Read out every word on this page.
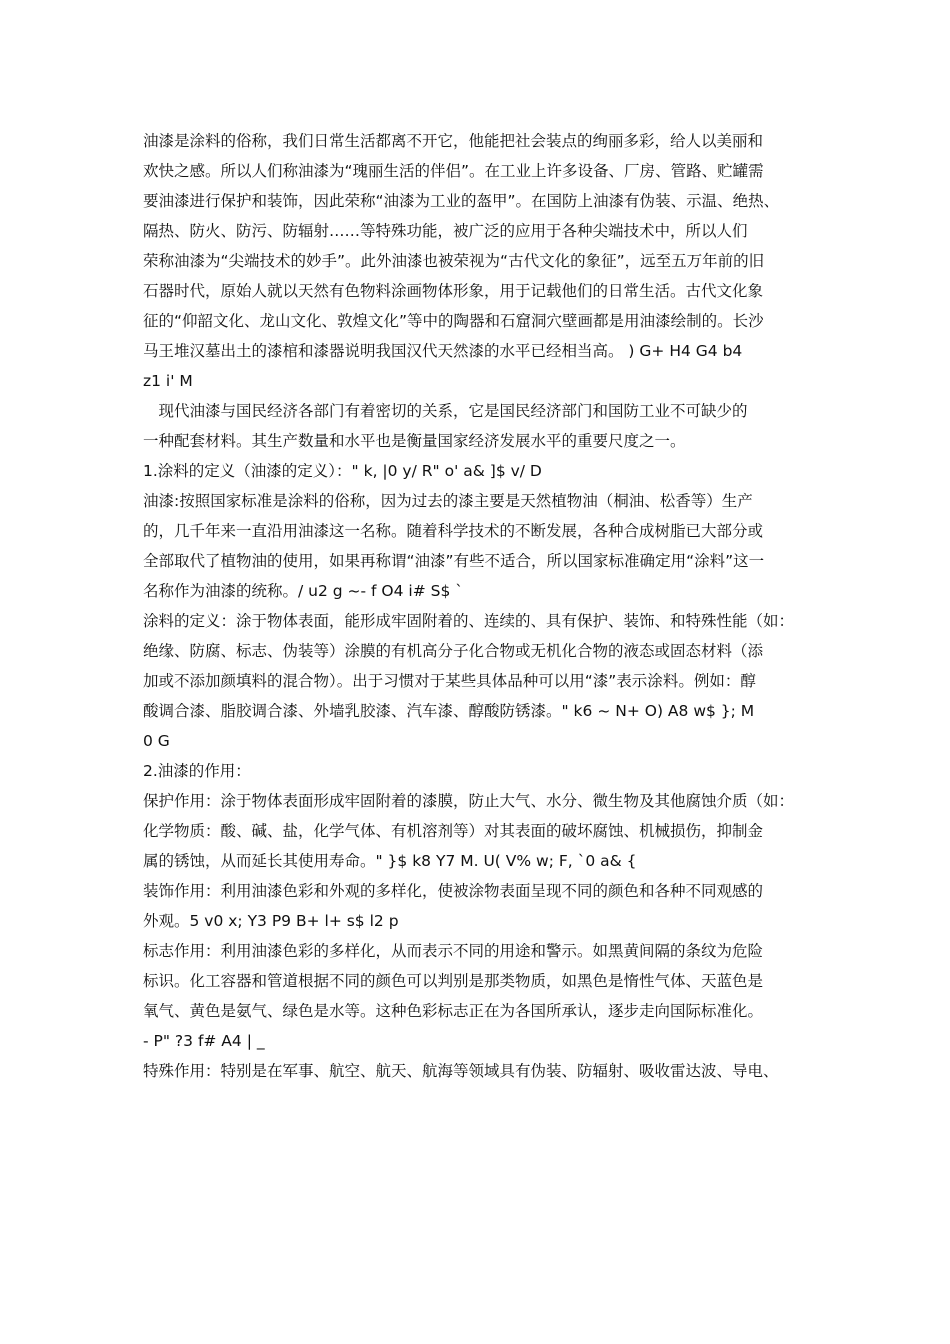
油漆是涂料的俗称，我们日常生活都离不开它，他能把社会装点的绚丽多彩，给人以美丽和
欢快之感。所以人们称油漆为“瑰丽生活的伴侣”。在工业上许多设备、厂房、管路、贮罐需
要油漆进行保护和装饰，因此荣称“油漆为工业的盔甲”。在国防上油漆有伪装、示温、绝热、
隔热、防火、防污、防辐射……等特殊功能，被广泛的应用于各种尖端技术中，所以人们
荣称油漆为“尖端技术的妙手”。此外油漆也被荣视为“古代文化的象征”，远至五万年前的旧
石器时代，原始人就以天然有色物料涂画物体形象，用于记载他们的日常生活。古代文化象
征的“仰韶文化、龙山文化、敦煌文化”等中的陶器和石窟洞穴壁画都是用油漆绘制的。长沙
马王堆汉墓出土的漆棺和漆器说明我国汉代天然漆的水平已经相当高。 ) G+ H4 G4 b4
z1 i' M
　现代油漆与国民经济各部门有着密切的关系，它是国民经济部门和国防工业不可缺少的
一种配套材料。其生产数量和水平也是衡量国家经济发展水平的重要尺度之一。
1.涂料的定义（油漆的定义）：" k, |0 y/ R" o' a& ]$ v/ D
油漆:按照国家标准是涂料的俗称，因为过去的漆主要是天然植物油（桐油、松香等）生产
的，几千年来一直沿用油漆这一名称。随着科学技术的不断发展，各种合成树脂已大部分或
全部取代了植物油的使用，如果再称谓“油漆”有些不适合，所以国家标准确定用“涂料”这一
名称作为油漆的统称。/ u2 g ~- f O4 i# S$ `
涂料的定义：涂于物体表面，能形成牢固附着的、连续的、具有保护、装饰、和特殊性能（如：
绝缘、防腐、标志、伪装等）涂膜的有机高分子化合物或无机化合物的液态或固态材料（添
加或不添加颜填料的混合物）。出于习惯对于某些具体品种可以用“漆”表示涂料。例如：醇
酸调合漆、脂胶调合漆、外墙乳胶漆、汽车漆、醇酸防锈漆。" k6 ~ N+ O) A8 w$ }; M
0 G
2.油漆的作用：
保护作用：涂于物体表面形成牢固附着的漆膜，防止大气、水分、微生物及其他腐蚀介质（如：
化学物质：酸、碱、盐，化学气体、有机溶剂等）对其表面的破坏腐蚀、机械损伤，抑制金
属的锈蚀，从而延长其使用寿命。" }$ k8 Y7 M. U( V% w; F, `0 a& {
装饰作用：利用油漆色彩和外观的多样化，使被涂物表面呈现不同的颜色和各种不同观感的
外观。5 v0 x; Y3 P9 B+ l+ s$ l2 p
标志作用：利用油漆色彩的多样化，从而表示不同的用途和警示。如黑黄间隔的条纹为危险
标识。化工容器和管道根据不同的颜色可以判别是那类物质，如黑色是惰性气体、天蓝色是
氧气、黄色是氨气、绿色是水等。这种色彩标志正在为各国所承认，逐步走向国际标准化。
- P" ?3 f# A4 | _
特殊作用：特别是在军事、航空、航天、航海等领域具有伪装、防辐射、吸收雷达波、导电、
